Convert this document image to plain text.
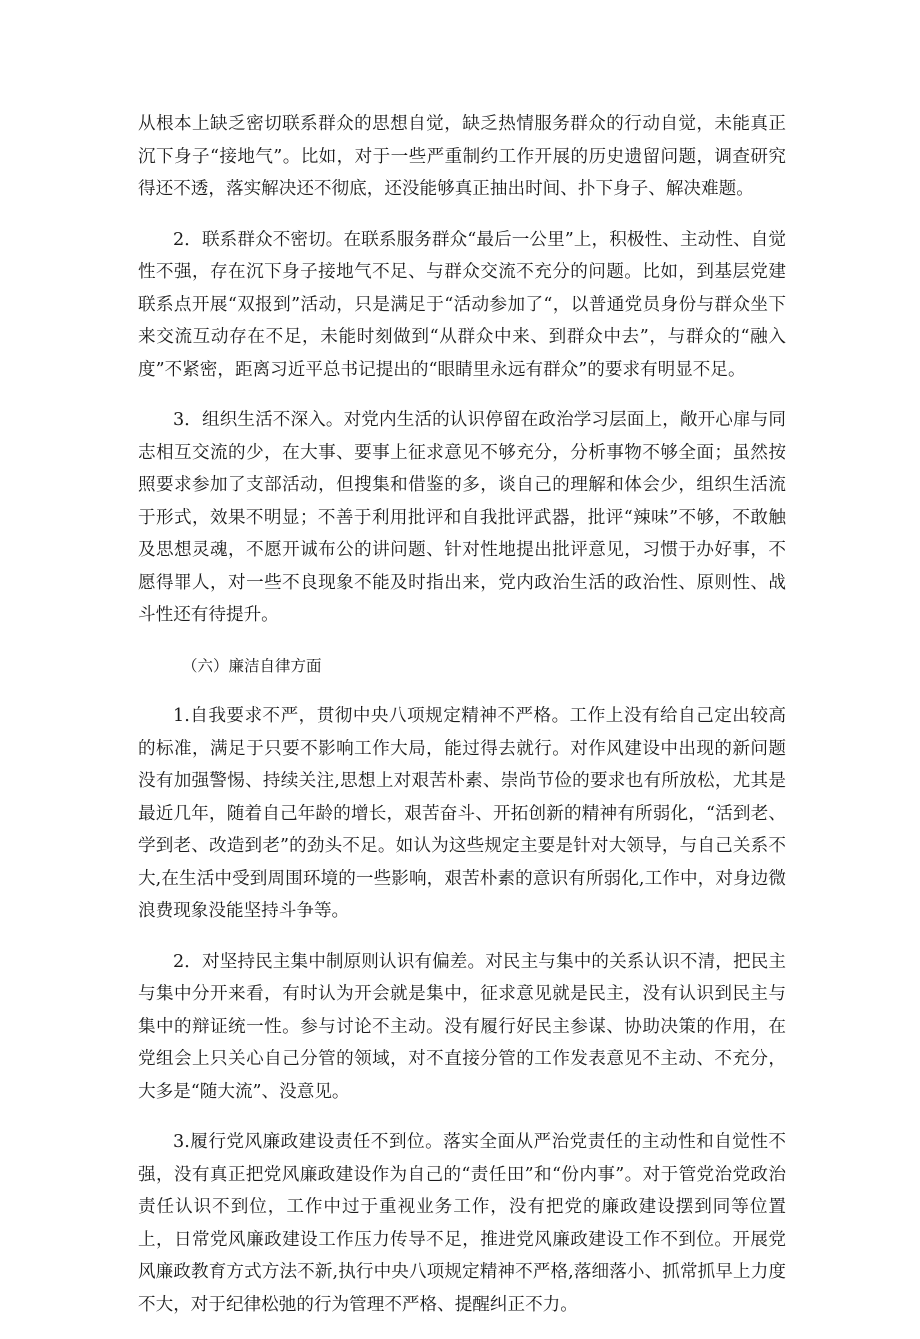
从根本上缺乏密切联系群众的思想自觉，缺乏热情服务群众的行动自觉，未能真正沉下身子“接地气”。比如，对于一些严重制约工作开展的历史遗留问题，调查研究得还不透，落实解决还不彻底，还没能够真正抽出时间、扑下身子、解决难题。

2．联系群众不密切。在联系服务群众“最后一公里”上，积极性、主动性、自觉性不强，存在沉下身子接地气不足、与群众交流不充分的问题。比如，到基层党建联系点开展“双报到”活动，只是满足于“活动参加了“，以普通党员身份与群众坐下来交流互动存在不足，未能时刻做到“从群众中来、到群众中去”，与群众的“融入度”不紧密，距离习近平总书记提出的“眼睛里永远有群众”的要求有明显不足。

3．组织生活不深入。对党内生活的认识停留在政治学习层面上，敞开心扉与同志相互交流的少，在大事、要事上征求意见不够充分，分析事物不够全面；虽然按照要求参加了支部活动，但搜集和借鉴的多，谈自己的理解和体会少，组织生活流于形式，效果不明显；不善于利用批评和自我批评武器，批评“辣味”不够，不敢触及思想灵魂，不愿开诚布公的讲问题、针对性地提出批评意见，习惯于办好事，不愿得罪人，对一些不良现象不能及时指出来，党内政治生活的政治性、原则性、战斗性还有待提升。

（六）廉洁自律方面

1.自我要求不严，贯彻中央八项规定精神不严格。工作上没有给自己定出较高的标准，满足于只要不影响工作大局，能过得去就行。对作风建设中出现的新问题没有加强警惕、持续关注,思想上对艰苦朴素、崇尚节俭的要求也有所放松，尤其是最近几年，随着自己年龄的增长，艰苦奋斗、开拓创新的精神有所弱化，“活到老、学到老、改造到老”的劲头不足。如认为这些规定主要是针对大领导，与自己关系不大,在生活中受到周围环境的一些影响，艰苦朴素的意识有所弱化,工作中，对身边微浪费现象没能坚持斗争等。

2．对坚持民主集中制原则认识有偏差。对民主与集中的关系认识不清，把民主与集中分开来看，有时认为开会就是集中，征求意见就是民主，没有认识到民主与集中的辩证统一性。参与讨论不主动。没有履行好民主参谋、协助决策的作用，在党组会上只关心自己分管的领域，对不直接分管的工作发表意见不主动、不充分，大多是“随大流”、没意见。

3.履行党风廉政建设责任不到位。落实全面从严治党责任的主动性和自觉性不强，没有真正把党风廉政建设作为自己的“责任田”和“份内事”。对于管党治党政治责任认识不到位，工作中过于重视业务工作，没有把党的廉政建设摆到同等位置上，日常党风廉政建设工作压力传导不足，推进党风廉政建设工作不到位。开展党风廉政教育方式方法不新,执行中央八项规定精神不严格,落细落小、抓常抓早上力度不大，对于纪律松弛的行为管理不严格、提醒纠正不力。
